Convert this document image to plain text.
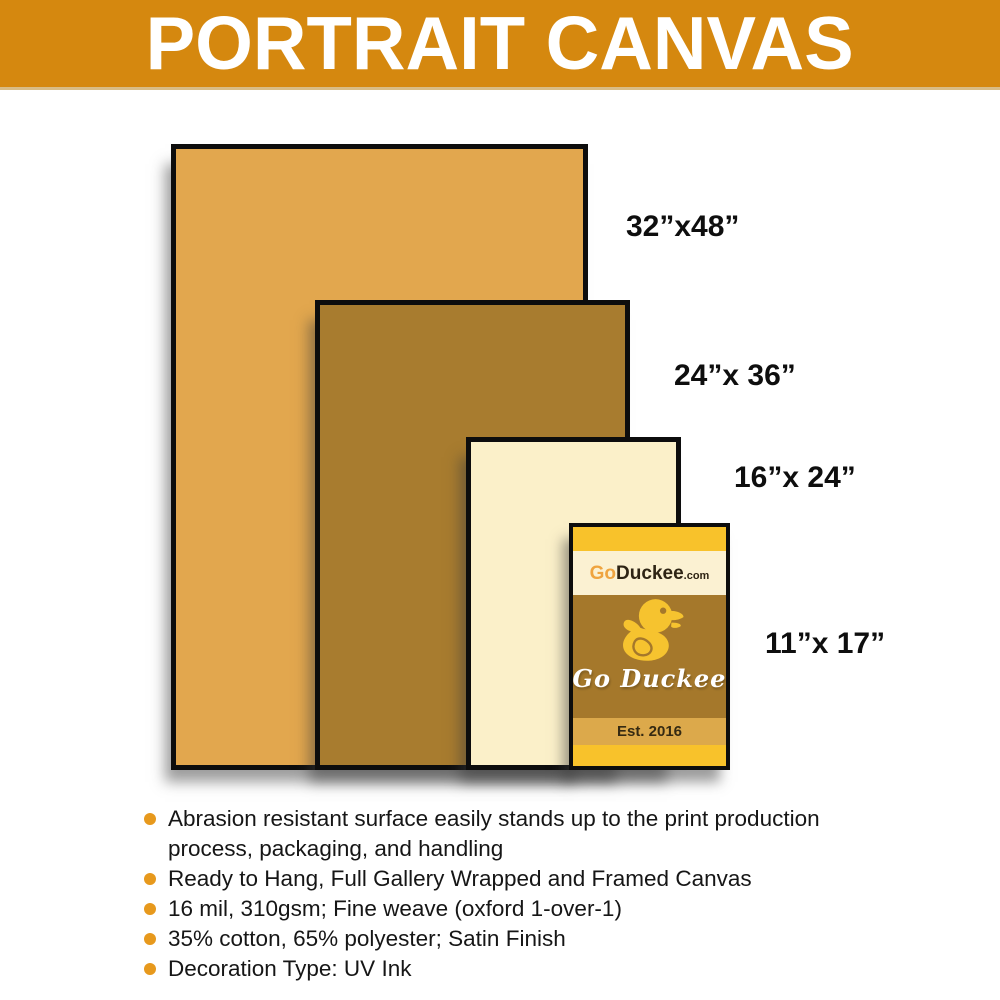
PORTRAIT CANVAS
GoDuckee.com
Go Duckee
Est. 2016
32”x48”
24”x 36”
16”x 24”
11”x 17”
Abrasion resistant surface easily stands up to the print production process, packaging, and handling
Ready to Hang, Full Gallery Wrapped and Framed Canvas
16 mil, 310gsm; Fine weave (oxford 1-over-1)
35% cotton, 65% polyester; Satin Finish
Decoration Type: UV Ink
